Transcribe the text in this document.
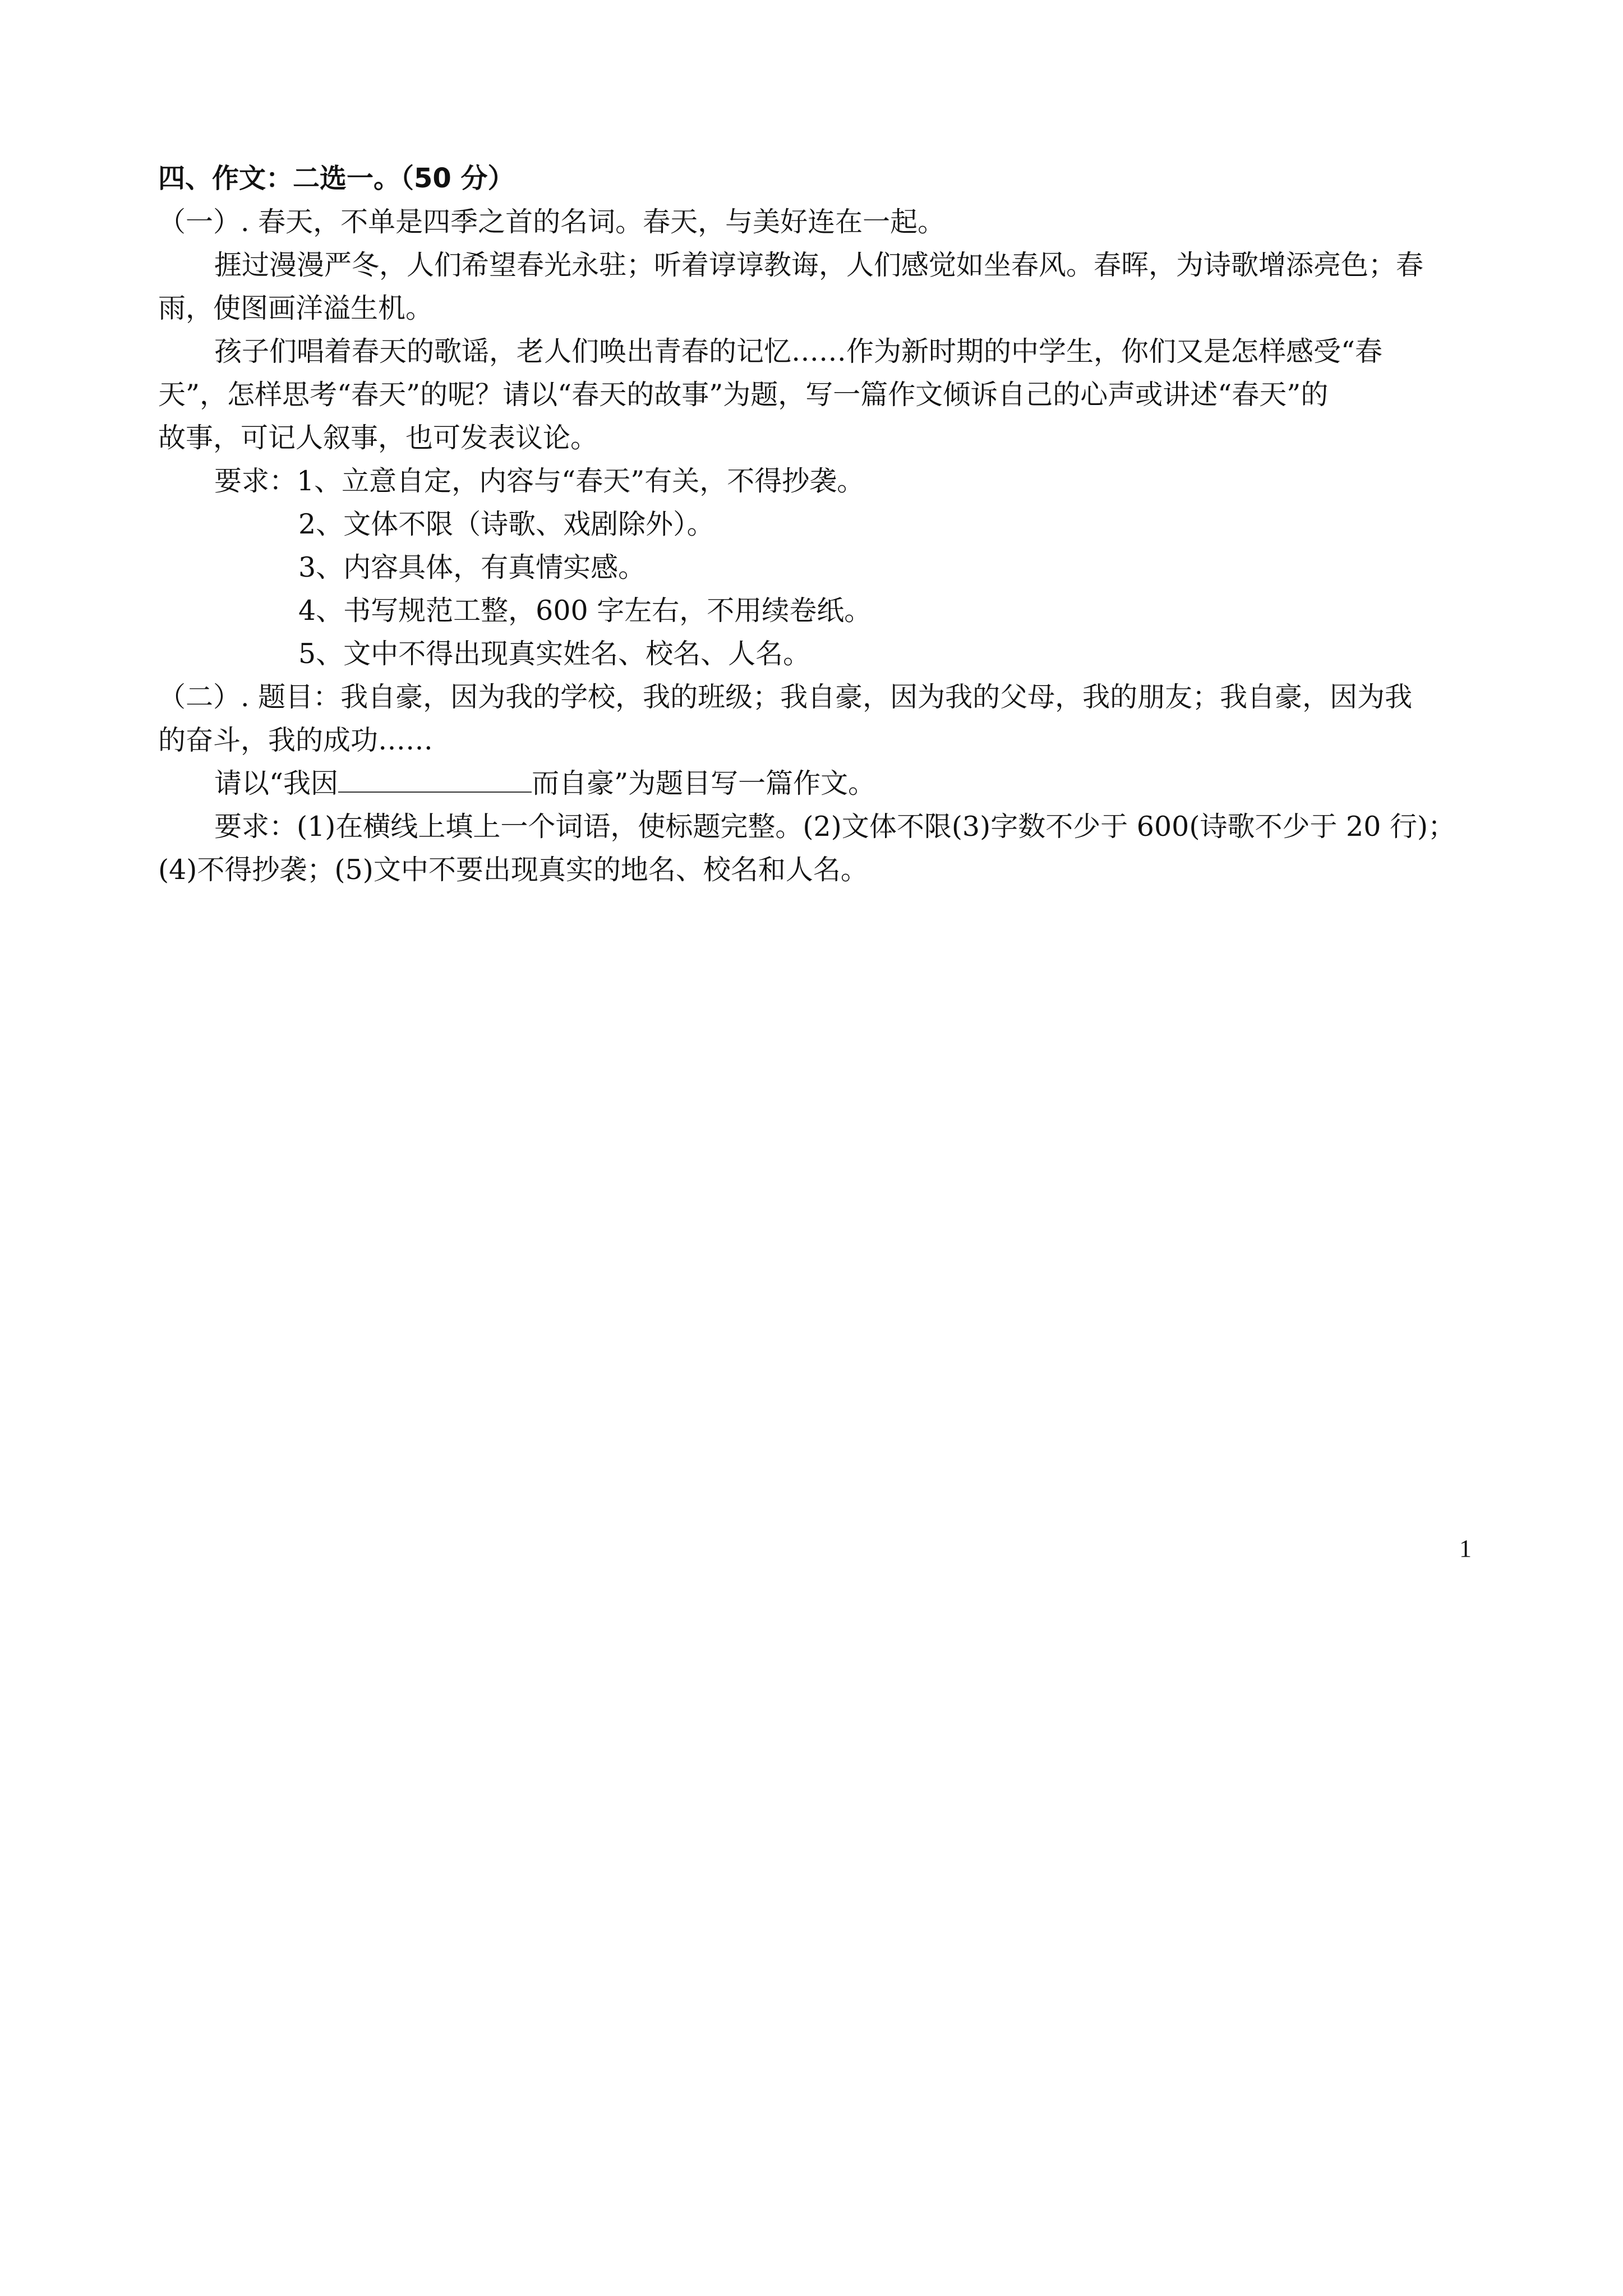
四、作文：二选一。（50 分）
（一）. 春天，不单是四季之首的名词。春天，与美好连在一起。
捱过漫漫严冬，人们希望春光永驻；听着谆谆教诲，人们感觉如坐春风。春晖，为诗歌增添亮色；春
雨，使图画洋溢生机。
孩子们唱着春天的歌谣，老人们唤出青春的记忆……作为新时期的中学生，你们又是怎样感受“春
天”，怎样思考“春天”的呢？请以“春天的故事”为题，写一篇作文倾诉自己的心声或讲述“春天”的
故事，可记人叙事，也可发表议论。
要求：1、立意自定，内容与“春天”有关，不得抄袭。
2、文体不限（诗歌、戏剧除外）。
3、内容具体，有真情实感。
4、书写规范工整，600 字左右，不用续卷纸。
5、文中不得出现真实姓名、校名、人名。
（二）. 题目：我自豪，因为我的学校，我的班级；我自豪，因为我的父母，我的朋友；我自豪，因为我
的奋斗，我的成功……
请以“我因	而自豪”为题目写一篇作文。
要求：(1)在横线上填上一个词语，使标题完整。(2)文体不限(3)字数不少于 600(诗歌不少于 20 行)；
(4)不得抄袭；(5)文中不要出现真实的地名、校名和人名。
1
